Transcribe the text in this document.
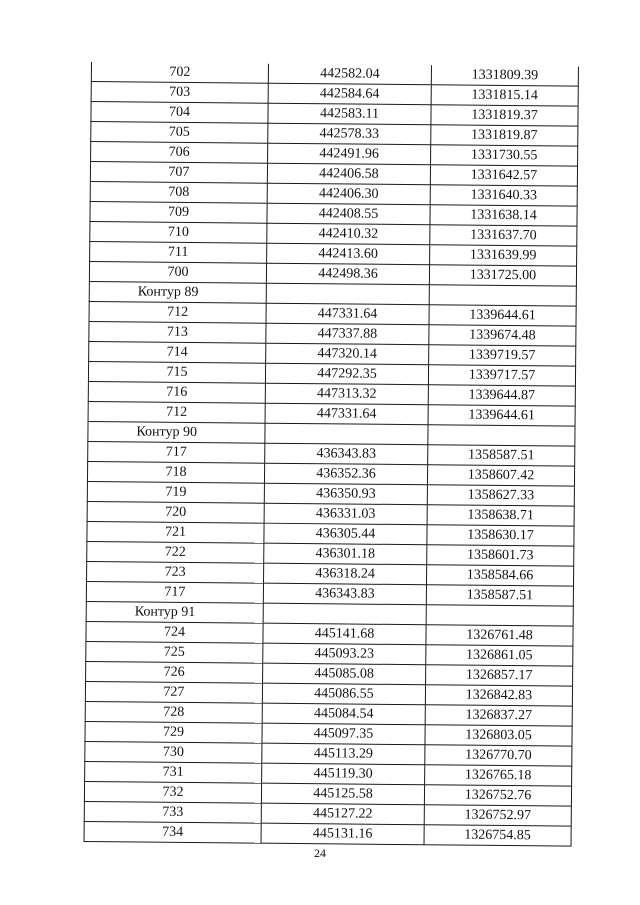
702	442582.04	1331809.39
703	442584.64	1331815.14
704	442583.11	1331819.37
705	442578.33	1331819.87
706	442491.96	1331730.55
707	442406.58	1331642.57
708	442406.30	1331640.33
709	442408.55	1331638.14
710	442410.32	1331637.70
711	442413.60	1331639.99
700	442498.36	1331725.00
Контур 89		
712	447331.64	1339644.61
713	447337.88	1339674.48
714	447320.14	1339719.57
715	447292.35	1339717.57
716	447313.32	1339644.87
712	447331.64	1339644.61
Контур 90		
717	436343.83	1358587.51
718	436352.36	1358607.42
719	436350.93	1358627.33
720	436331.03	1358638.71
721	436305.44	1358630.17
722	436301.18	1358601.73
723	436318.24	1358584.66
717	436343.83	1358587.51
Контур 91		
724	445141.68	1326761.48
725	445093.23	1326861.05
726	445085.08	1326857.17
727	445086.55	1326842.83
728	445084.54	1326837.27
729	445097.35	1326803.05
730	445113.29	1326770.70
731	445119.30	1326765.18
732	445125.58	1326752.76
733	445127.22	1326752.97
734	445131.16	1326754.85
24
